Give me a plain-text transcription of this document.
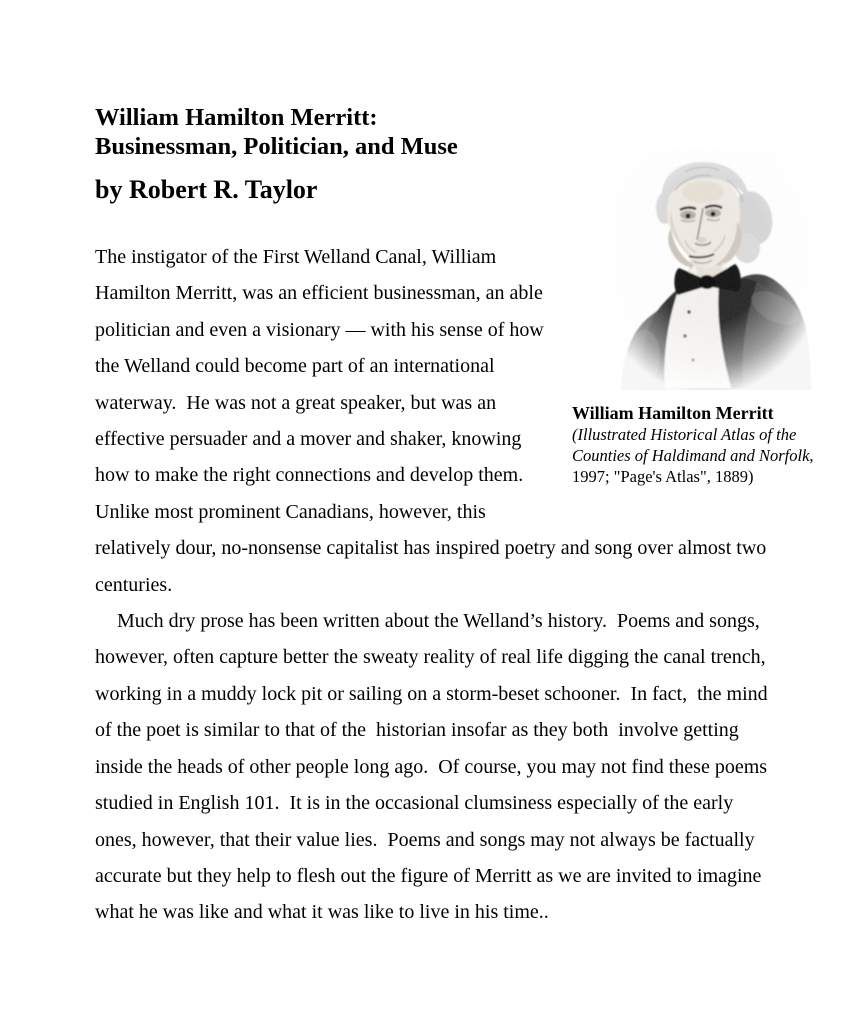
William Hamilton Merritt:
Businessman, Politician, and Muse
by Robert R. Taylor

The instigator of the First Welland Canal, William Hamilton Merritt, was an efficient businessman, an able politician and even a visionary — with his sense of how the Welland could become part of an international waterway.  He was not a great speaker, but was an effective persuader and a mover and shaker, knowing how to make the right connections and develop them.  Unlike most prominent Canadians, however, this relatively dour, no-nonsense capitalist has inspired poetry and song over almost two centuries.

Much dry prose has been written about the Welland’s history.  Poems and songs, however, often capture better the sweaty reality of real life digging the canal trench, working in a muddy lock pit or sailing on a storm-beset schooner.  In fact,  the mind of the poet is similar to that of the  historian insofar as they both  involve getting inside the heads of other people long ago.  Of course, you may not find these poems studied in English 101.  It is in the occasional clumsiness especially of the early ones, however, that their value lies.  Poems and songs may not always be factually accurate but they help to flesh out the figure of Merritt as we are invited to imagine what he was like and what it was like to live in his time..

William Hamilton Merritt
(Illustrated Historical Atlas of the Counties of Haldimand and Norfolk, 1997; "Page's Atlas", 1889)
